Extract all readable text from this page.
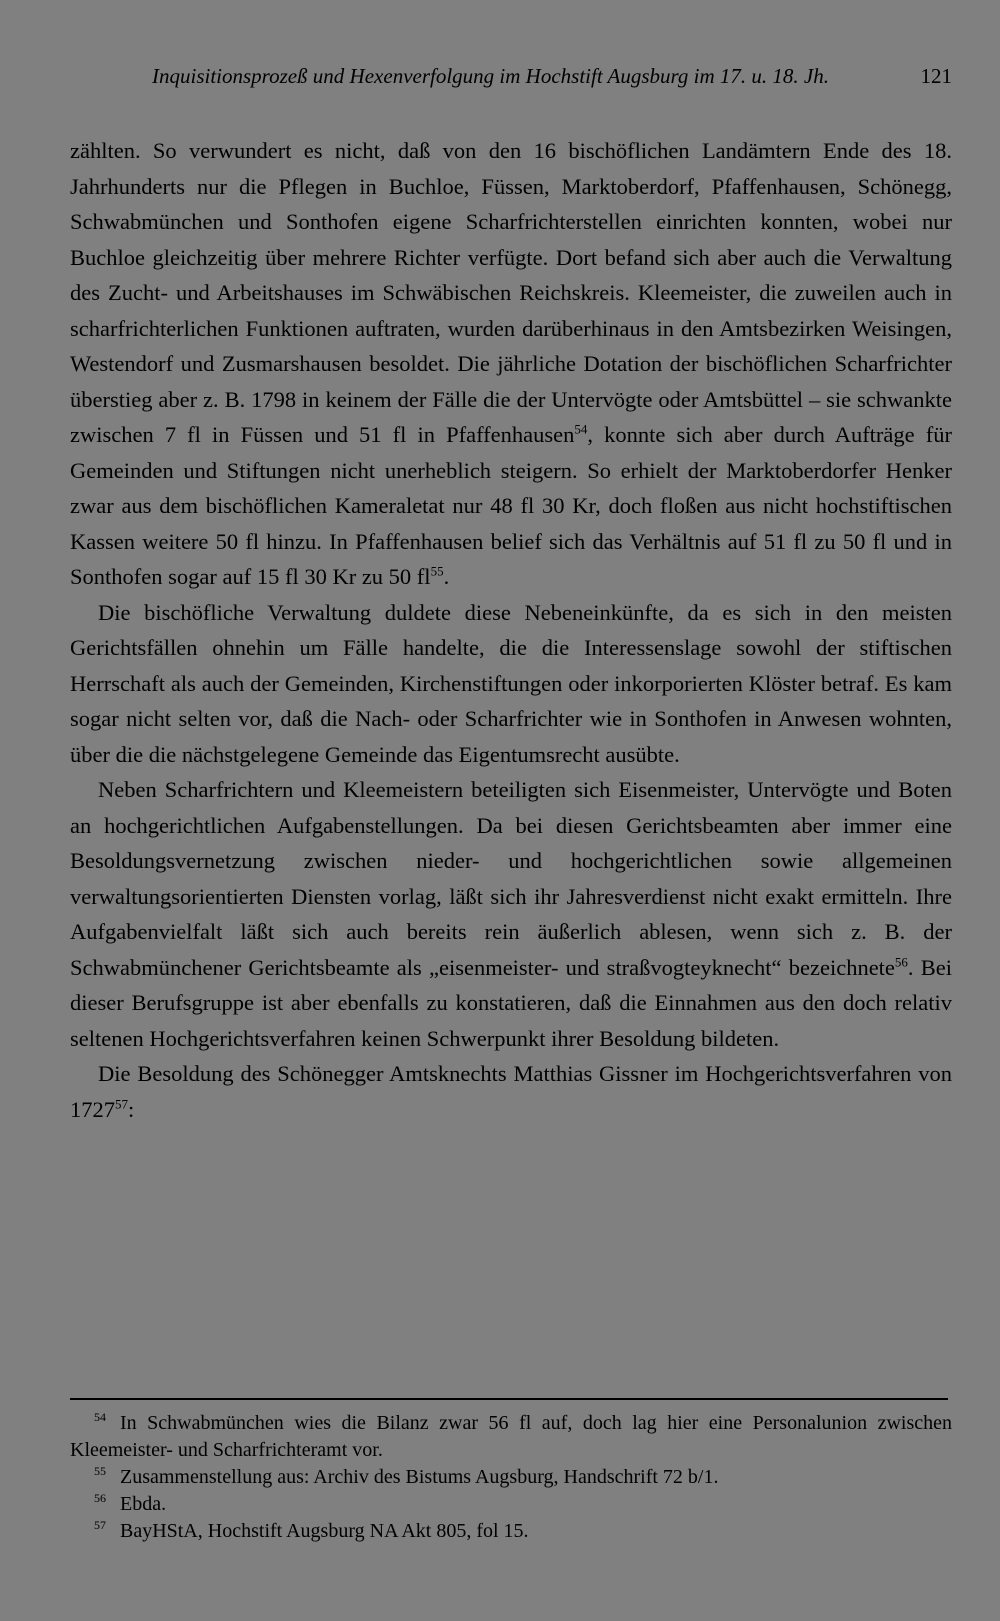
Inquisitionsprozeß und Hexenverfolgung im Hochstift Augsburg im 17. u. 18. Jh.	121

zählten. So verwundert es nicht, daß von den 16 bischöflichen Landämtern Ende des 18. Jahrhunderts nur die Pflegen in Buchloe, Füssen, Marktoberdorf, Pfaffenhausen, Schönegg, Schwabmünchen und Sonthofen eigene Scharfrichterstellen einrichten konnten, wobei nur Buchloe gleichzeitig über mehrere Richter verfügte. Dort befand sich aber auch die Verwaltung des Zucht- und Arbeitshauses im Schwäbischen Reichskreis. Kleemeister, die zuweilen auch in scharfrichterlichen Funktionen auftraten, wurden darüberhinaus in den Amtsbezirken Weisingen, Westendorf und Zusmarshausen besoldet. Die jährliche Dotation der bischöflichen Scharfrichter überstieg aber z. B. 1798 in keinem der Fälle die der Untervögte oder Amtsbüttel – sie schwankte zwischen 7 fl in Füssen und 51 fl in Pfaffenhausen$^{54}$, konnte sich aber durch Aufträge für Gemeinden und Stiftungen nicht unerheblich steigern. So erhielt der Marktoberdorfer Henker zwar aus dem bischöflichen Kameraletat nur 48 fl 30 Kr, doch floßen aus nicht hochstiftischen Kassen weitere 50 fl hinzu. In Pfaffenhausen belief sich das Verhältnis auf 51 fl zu 50 fl und in Sonthofen sogar auf 15 fl 30 Kr zu 50 $fl^{55}$.

Die bischöfliche Verwaltung duldete diese Nebeneinkünfte, da es sich in den meisten Gerichtsfällen ohnehin um Fälle handelte, die die Interessenslage sowohl der stiftischen Herrschaft als auch der Gemeinden, Kirchenstiftungen oder inkorporierten Klöster betraf. Es kam sogar nicht selten vor, daß die Nach- oder Scharfrichter wie in Sonthofen in Anwesen wohnten, über die die nächstgelegene Gemeinde das Eigentumsrecht ausübte.

Neben Scharfrichtern und Kleemeistern beteiligten sich Eisenmeister, Untervögte und Boten an hochgerichtlichen Aufgabenstellungen. Da bei diesen Gerichtsbeamten aber immer eine Besoldungsvernetzung zwischen nieder- und hochgerichtlichen sowie allgemeinen verwaltungsorientierten Diensten vorlag, läßt sich ihr Jahresverdienst nicht exakt ermitteln. Ihre Aufgabenvielfalt läßt sich auch bereits rein äußerlich ablesen, wenn sich z. B. der Schwabmünchener Gerichtsbeamte als „eisenmeister- und straßvogteyknecht“ bezeichnete$^{56}$. Bei dieser Berufsgruppe ist aber ebenfalls zu konstatieren, daß die Einnahmen aus den doch relativ seltenen Hochgerichtsverfahren keinen Schwerpunkt ihrer Besoldung bildeten.

Die Besoldung des Schönegger Amtsknechts Matthias Gissner im Hochgerichtsverfahren von 1727$^{57}$:

54 In Schwabmünchen wies die Bilanz zwar 56 fl auf, doch lag hier eine Personalunion zwischen Kleemeister- und Scharfrichteramt vor.

55 Zusammenstellung aus: Archiv des Bistums Augsburg, Handschrift 72 b/1.

56 Ebda.

57 BayHStA, Hochstift Augsburg NA Akt 805, fol 15.
